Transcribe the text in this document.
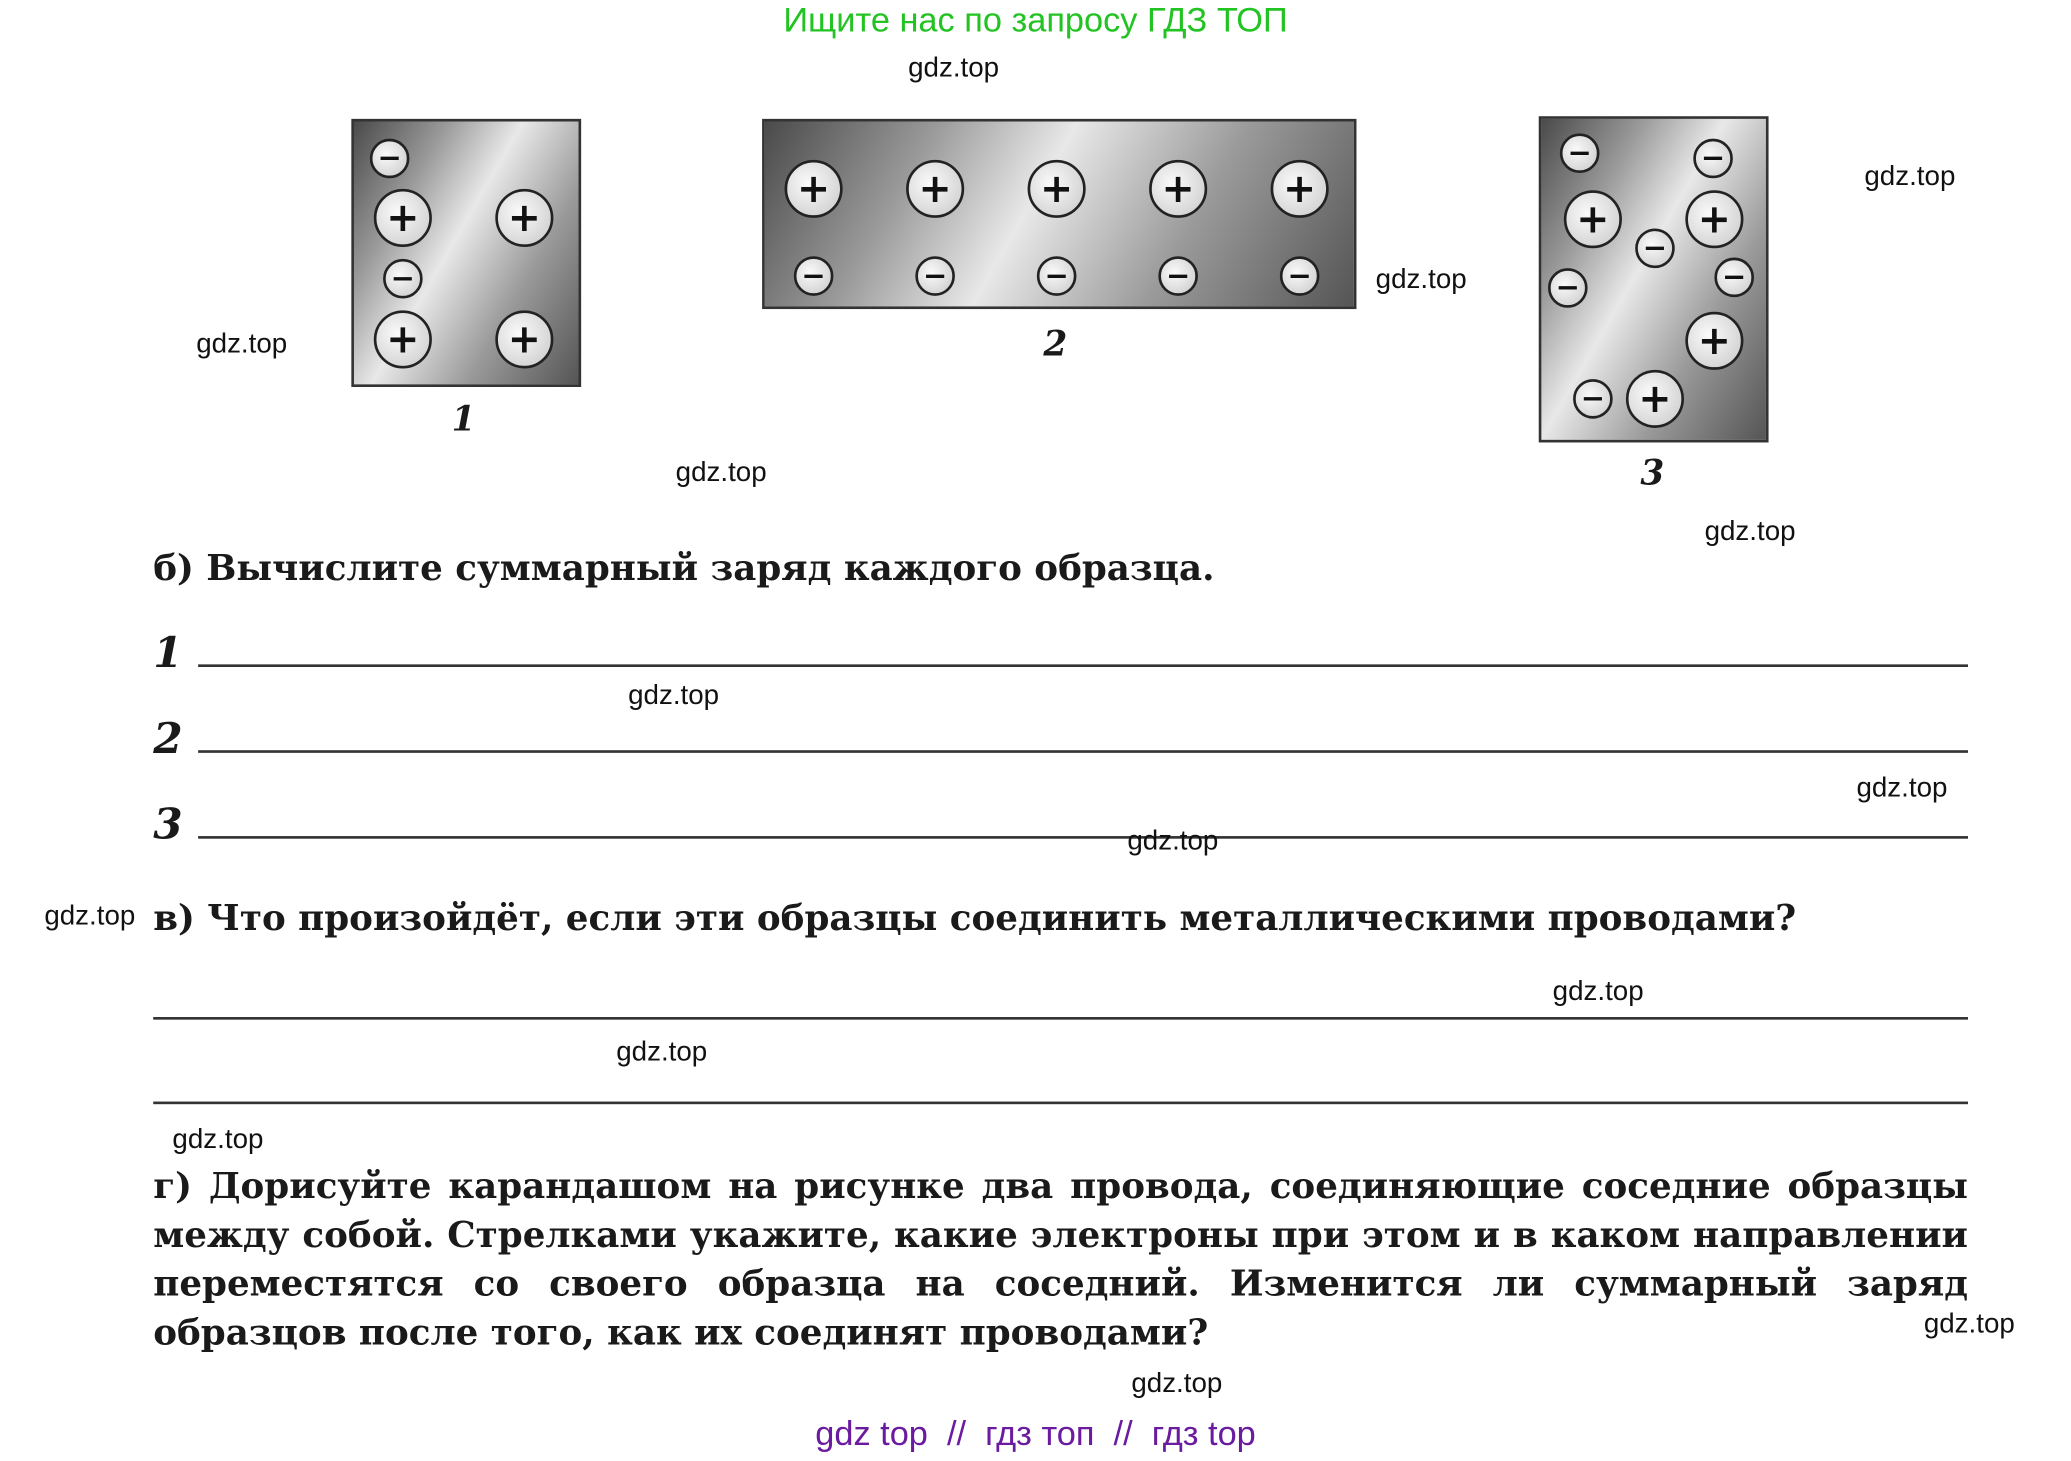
Ищите нас по запросу ГДЗ ТОП
−
+	+
−
+	+
1
+	+	+	+	+
−	−	−	−	−
2
−	−
+	+
−
−	−
+
−	+
3
б) Вычислите суммарный заряд каждого образца.
1
2
3
в) Что произойдёт, если эти образцы соединить металлическими проводами?
г) Дорисуйте карандашом на рисунке два провода, соединяющие соседние образцы между собой. Стрелками укажите, какие электроны при этом и в каком направлении переместятся со своего образца на соседний. Изменится ли суммарный заряд образцов после того, как их соединят проводами?
gdz.top
gdz.top
gdz.top
gdz.top
gdz.top
gdz.top
gdz.top
gdz.top
gdz.top
gdz.top
gdz.top
gdz.top
gdz.top
gdz.top
gdz.top
gdz top  //  гдз топ  //  гдз top
